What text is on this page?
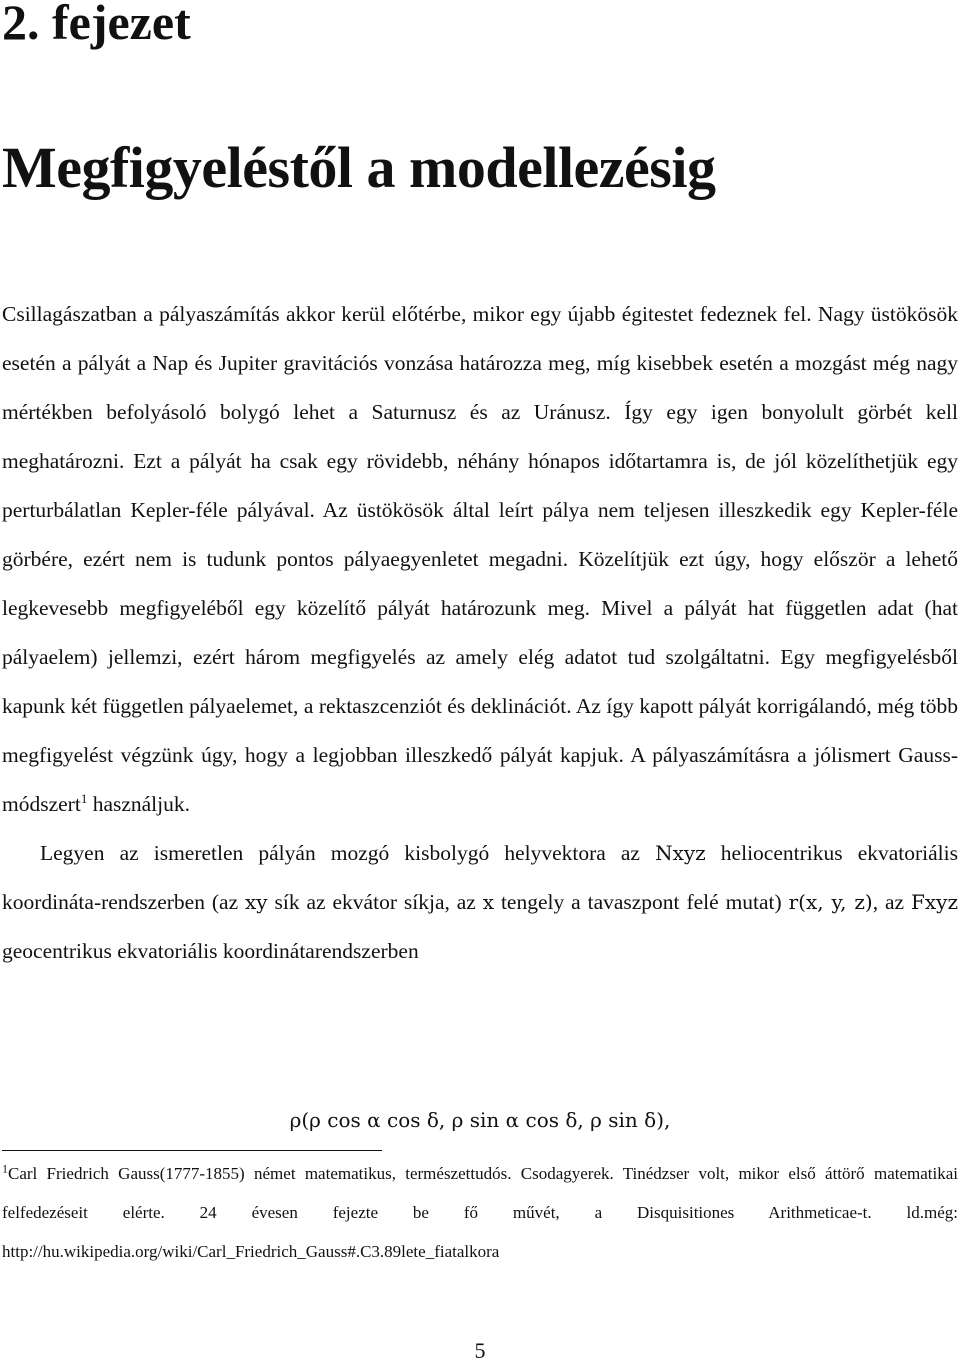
2. fejezet
Megfigyeléstől a modellezésig

Csillagászatban a pályaszámítás akkor kerül előtérbe, mikor egy újabb égitestet fedeznek fel. Nagy üstökösök esetén a pályát a Nap és Jupiter gravitációs vonzása határozza meg, míg kisebbek esetén a mozgást még nagy mértékben befolyásoló bolygó lehet a Saturnusz és az Uránusz. Így egy igen bonyolult görbét kell meghatározni. Ezt a pályát ha csak egy rövidebb, néhány hónapos időtartamra is, de jól közelíthetjük egy perturbálatlan Kepler-féle pályával. Az üstökösök által leírt pálya nem teljesen illeszkedik egy Kepler-féle görbére, ezért nem is tudunk pontos pályaegyenletet megadni. Közelítjük ezt úgy, hogy először a lehető legkevesebb megfigyeléből egy közelítő pályát határozunk meg. Mivel a pályát hat független adat (hat pályaelem) jellemzi, ezért három megfigyelés az amely elég adatot tud szolgáltatni. Egy megfigyelésből kapunk két független pályaelemet, a rektaszcenziót és deklinációt. Az így kapott pályát korrigálandó, még több megfigyelést végzünk úgy, hogy a legjobban illeszkedő pályát kapjuk. A pályaszámításra a jólismert Gauss-módszert$^1$ használjuk.

Legyen az ismeretlen pályán mozgó kisbolygó helyvektora az Nxyz heliocentrikus ekvatoriális koordináta-rendszerben (az xy sík az ekvátor síkja, az x tengely a tavaszpont felé mutat) r(x, y, z), az Fxyz geocentrikus ekvatoriális koordinátarendszerben

ρ(ρ cos α cos δ, ρ sin α cos δ, ρ sin δ),

$^1$Carl Friedrich Gauss(1777-1855) német matematikus, természettudós. Csodagyerek. Tinédzser volt, mikor első áttörő matematikai felfedezéseit elérte. 24 évesen fejezte be fő művét, a Disquisitiones Arithmeticae-t. ld.még: http://hu.wikipedia.org/wiki/Carl_Friedrich_Gauss#.C3.89lete_fiatalkora

5
